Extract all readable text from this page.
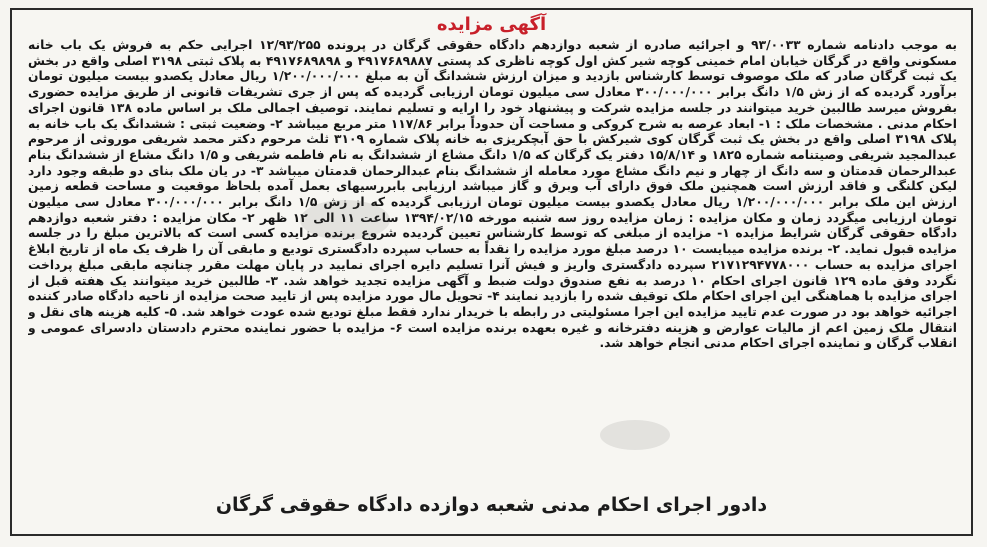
آگهی مزایده
به موجب دادنامه شماره ۹۳/۰۰۳۳ و اجرائیه صادره از شعبه دوازدهم دادگاه حقوقی گرگان در پرونده ۱۲/۹۳/۲۵۵ اجرایی حکم به فروش یک باب خانه مسکونی واقع در گرگان خیابان امام خمینی کوچه شیر کش اول کوچه ناظری کد پستی ۴۹۱۷۶۸۹۸۸۷ و ۴۹۱۷۶۸۹۸۹۸ به پلاک ثبتی ۳۱۹۸ اصلی واقع در بخش یک ثبت گرگان صادر که ملک موصوف توسط کارشناس بازدید و میزان ارزش ششدانگ آن به مبلغ ۱/۲۰۰/۰۰۰/۰۰۰ ریال معادل یکصدو بیست میلیون تومان برآورد گردیده که از زش ۱/۵ دانگ برابر ۳۰۰/۰۰۰/۰۰۰ معادل سی میلیون تومان ارزیابی گردیده که پس از جری تشریفات قانونی از طریق مزایده حضوری بفروش میرسد طالبین خرید میتوانند در جلسه مزایده شرکت و پیشنهاد خود را ارایه و تسلیم نمایند. توصیف اجمالی ملک بر اساس ماده ۱۳۸ قانون اجرای احکام مدنی . مشخصات ملک : ۱- ابعاد عرصه به شرح کروکی و مساحت آن حدوداً برابر ۱۱۷/۸۶ متر مربع میباشد ۲- وضعیت ثبتی : ششدانگ یک باب خانه به پلاک ۳۱۹۸ اصلی واقع در بخش یک ثبت گرگان کوی شیرکش با حق آبچکریزی به خانه پلاک شماره ۳۱۰۹ ثلث مرحوم دکتر محمد شریفی موروثی از مرحوم عبدالمجید شریفی وصیتنامه شماره ۱۸۲۵ و ۱۵/۸/۱۴ دفتر یک گرگان که ۱/۵ دانگ مشاع از ششدانگ به نام فاطمه شریفی و ۱/۵ دانگ مشاع از ششدانگ بنام عبدالرحمان قدمتان و سه دانگ از چهار و نیم دانگ مشاع مورد معامله از ششدانگ بنام عبدالرحمان قدمتان میباشد ۳- در یان ملک بنای دو طبقه وجود دارد لیکن کلنگی و فاقد ارزش است همچنین ملک فوق دارای آب وبرق و گاز میباشد ارزیابی بابررسیهای بعمل آمده بلحاظ موقعیت و مساحت قطعه زمین ارزش این ملک برابر ۱/۲۰۰/۰۰۰/۰۰۰ ریال معادل یکصدو بیست میلیون تومان ارزیابی گردیده که از زش ۱/۵ دانگ برابر ۳۰۰/۰۰۰/۰۰۰ معادل سی میلیون تومان ارزیابی میگردد زمان و مکان مزایده : زمان مزایده روز سه شنبه مورخه ۱۳۹۴/۰۲/۱۵ ساعت ۱۱ الی ۱۲ ظهر ۲- مکان مزایده : دفتر شعبه دوازدهم دادگاه حقوقی گرگان شرایط مزایده ۱- مزایده از مبلغی که توسط کارشناس تعیین گردیده شروع برنده مزایده کسی است که بالاترین مبلغ را در جلسه مزایده قبول نماید. ۲- برنده مزایده میبایست ۱۰ درصد مبلغ مورد مزایده را نقداً به حساب سپرده دادگستری تودیع و مابقی آن را ظرف یک ماه از تاریخ ابلاغ اجرای مزایده به حساب ۲۱۷۱۲۹۴۷۷۸۰۰۰ سپرده دادگستری واریز و فیش آنرا تسلیم دایره اجرای نمایید در پایان مهلت مقرر چنانچه مابقی مبلغ پرداخت نگردد وفق ماده ۱۲۹ قانون اجرای احکام ۱۰ درصد به نفع صندوق دولت ضبط و آگهی مزایده تجدید خواهد شد. ۳- طالبین خرید میتوانند یک هفته قبل از اجرای مزایده با هماهنگی این اجرای احکام ملک توقیف شده را بازدید نمایند ۴- تحویل مال مورد مزایده پس از تایید صحت مزایده از ناحیه دادگاه صادر کننده اجرائیه خواهد بود در صورت عدم تایید مزایده این اجرا مسئولیتی در رابطه با خریدار ندارد فقط مبلغ تودیع شده عودت خواهد شد. ۵- کلیه هزینه های نقل و انتقال ملک زمین اعم از مالیات عوارض و هزینه دفترخانه و غیره بعهده برنده مزایده است ۶- مزایده با حضور نماینده محترم دادستان دادسرای عمومی و انقلاب گرگان و نماینده اجرای احکام مدنی انجام خواهد شد.
دادور اجرای احکام مدنی شعبه دوازده دادگاه حقوقی گرگان
